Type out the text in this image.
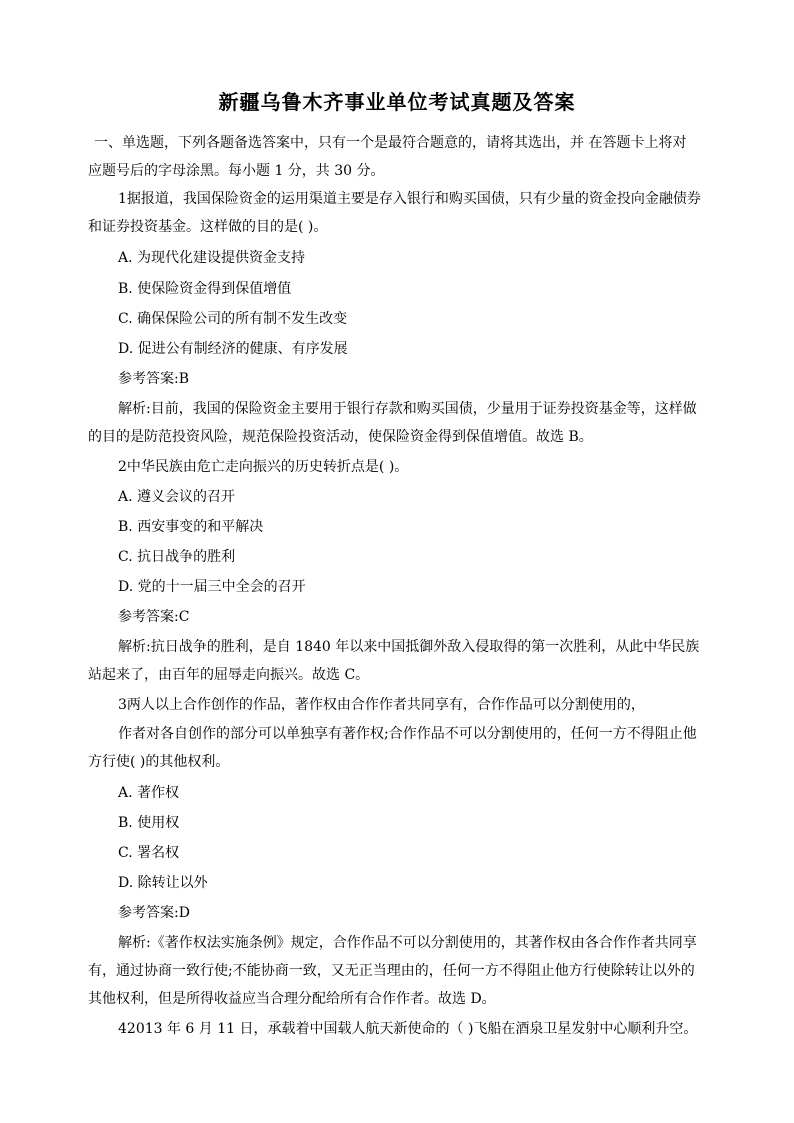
新疆乌鲁木齐事业单位考试真题及答案
一、单选题，下列各题备选答案中，只有一个是最符合题意的，请将其选出，并 在答题卡上将对
应题号后的字母涂黑。每小题 1 分，共 30 分。
1据报道，我国保险资金的运用渠道主要是存入银行和购买国债，只有少量的资金投向金融债券
和证券投资基金。这样做的目的是( )。
A. 为现代化建设提供资金支持
B. 使保险资金得到保值增值
C. 确保保险公司的所有制不发生改变
D. 促进公有制经济的健康、有序发展
参考答案:B
解析:目前，我国的保险资金主要用于银行存款和购买国债，少量用于证券投资基金等，这样做
的目的是防范投资风险，规范保险投资活动，使保险资金得到保值增值。故选 B。
2中华民族由危亡走向振兴的历史转折点是( )。
A. 遵义会议的召开
B. 西安事变的和平解决
C. 抗日战争的胜利
D. 党的十一届三中全会的召开
参考答案:C
解析:抗日战争的胜利，是自 1840 年以来中国抵御外敌入侵取得的第一次胜利，从此中华民族
站起来了，由百年的屈辱走向振兴。故选 C。
3两人以上合作创作的作品，著作权由合作作者共同享有，合作作品可以分割使用的，
作者对各自创作的部分可以单独享有著作权;合作作品不可以分割使用的，任何一方不得阻止他
方行使( )的其他权利。
A. 著作权
B. 使用权
C. 署名权
D. 除转让以外
参考答案:D
解析:《著作权法实施条例》规定，合作作品不可以分割使用的，其著作权由各合作作者共同享
有，通过协商一致行使;不能协商一致，又无正当理由的，任何一方不得阻止他方行使除转让以外的
其他权利，但是所得收益应当合理分配给所有合作作者。故选 D。
42013 年 6 月 11 日，承载着中国载人航天新使命的（ )飞船在酒泉卫星发射中心顺利升空。
